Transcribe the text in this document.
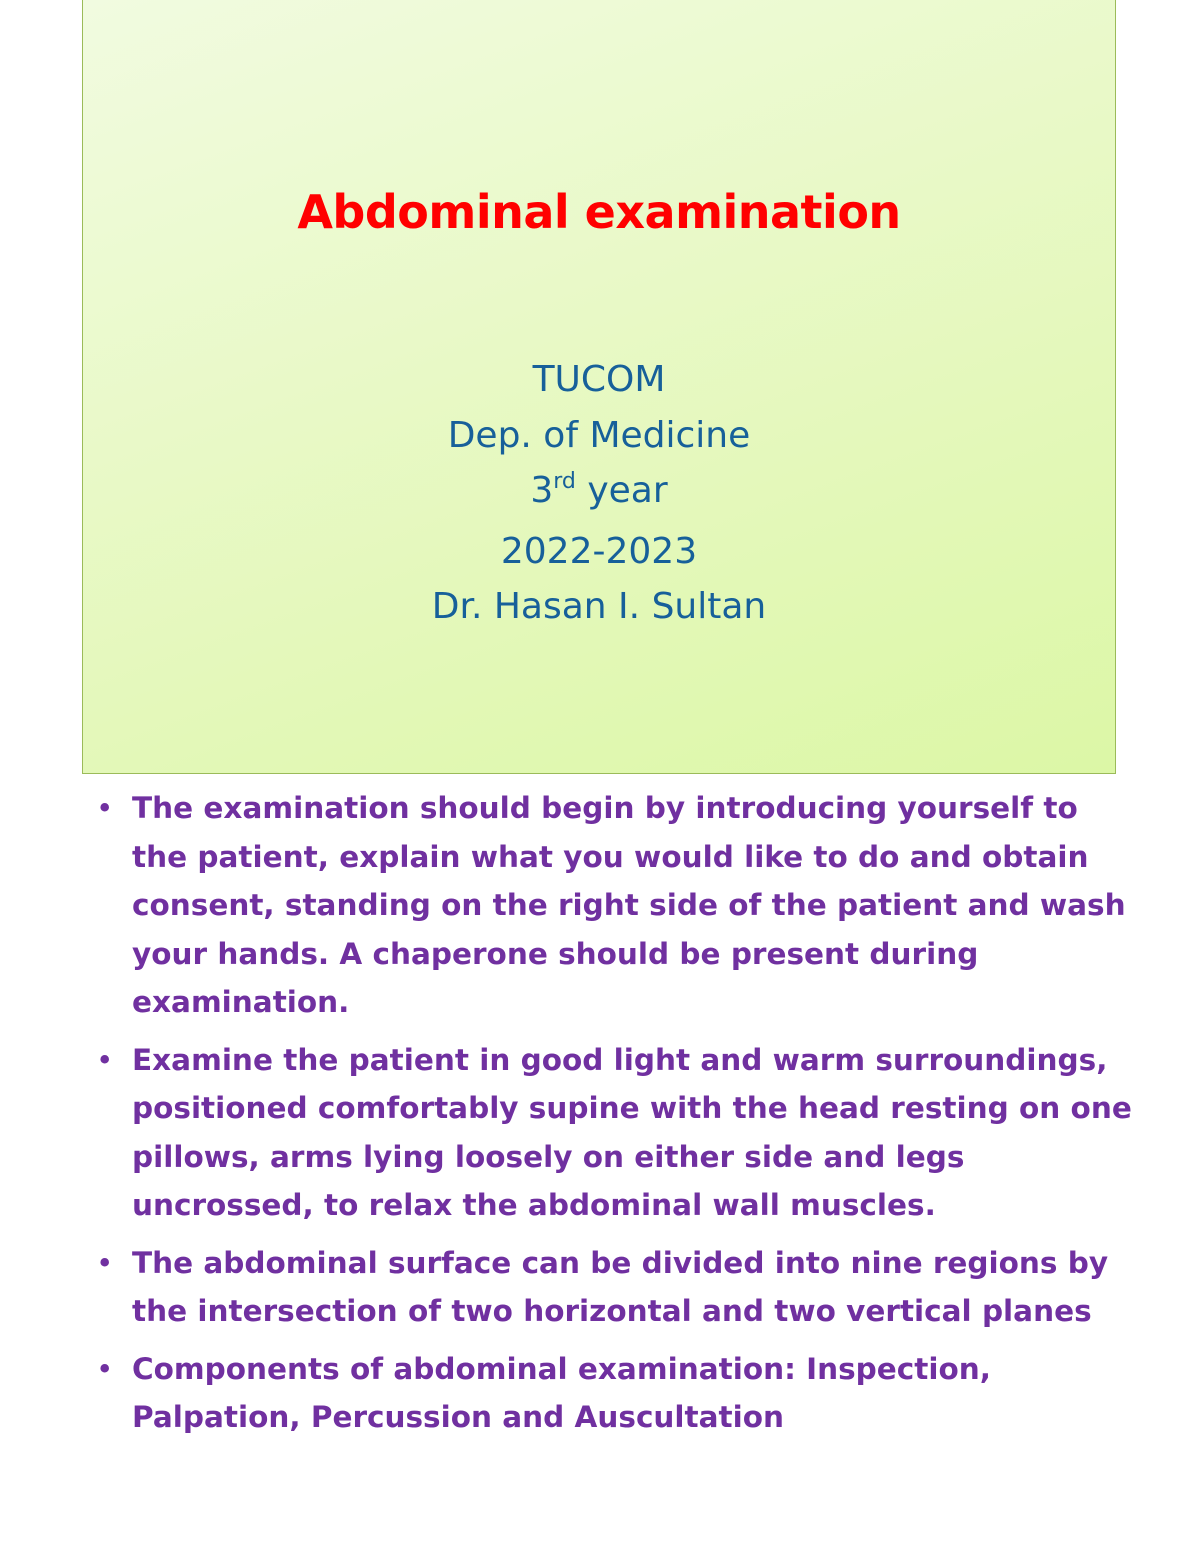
Abdominal examination
TUCOM
Dep. of Medicine
3rd year
2022-2023
Dr. Hasan I. Sultan
• The examination should begin by introducing yourself to the patient, explain what you would like to do and obtain consent, standing on the right side of the patient and wash your hands. A chaperone should be present during examination.
• Examine the patient in good light and warm surroundings, positioned comfortably supine with the head resting on one pillows, arms lying loosely on either side and legs uncrossed, to relax the abdominal wall muscles.
• The abdominal surface can be divided into nine regions by the intersection of two horizontal and two vertical planes
• Components of abdominal examination: Inspection, Palpation, Percussion and Auscultation
